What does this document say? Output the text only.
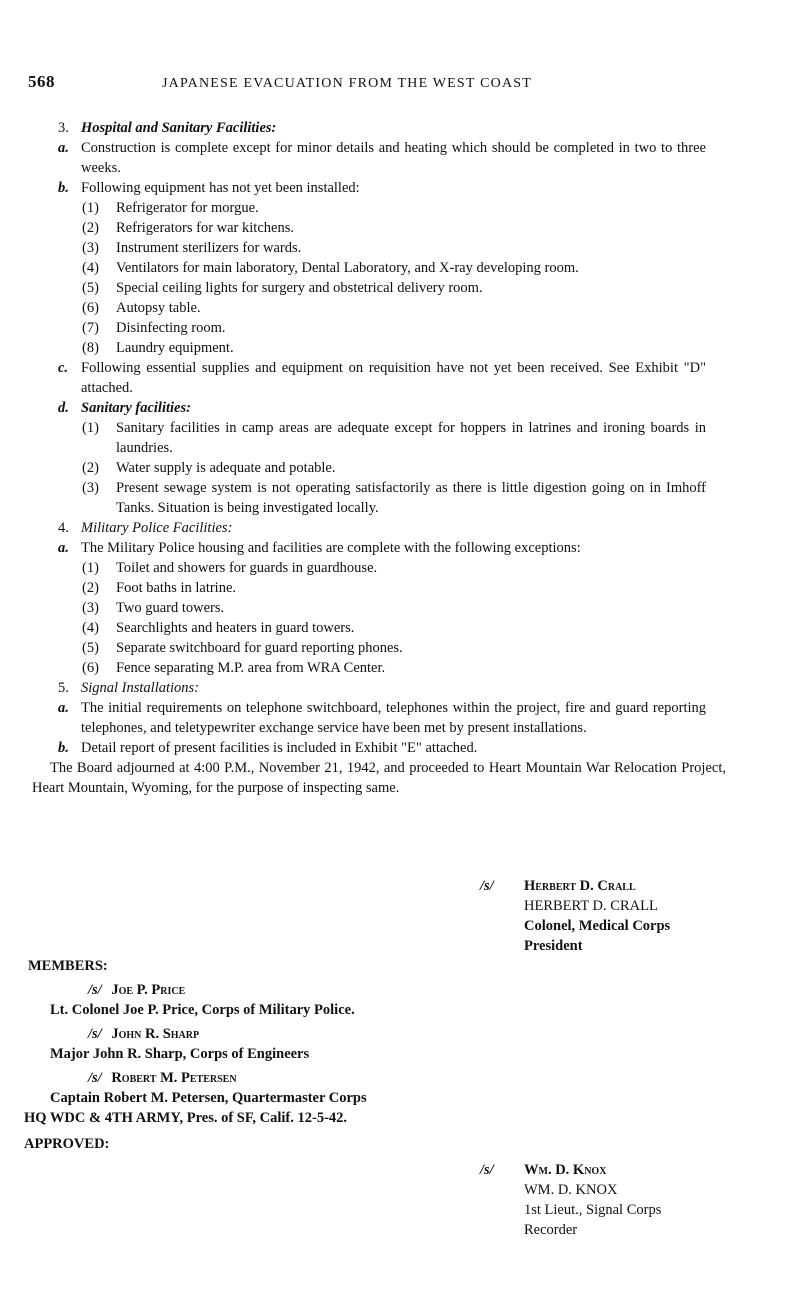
568	JAPANESE EVACUATION FROM THE WEST COAST
3. Hospital and Sanitary Facilities:
a. Construction is complete except for minor details and heating which should be completed in two to three weeks.
b. Following equipment has not yet been installed:
(1) Refrigerator for morgue.
(2) Refrigerators for war kitchens.
(3) Instrument sterilizers for wards.
(4) Ventilators for main laboratory, Dental Laboratory, and X-ray developing room.
(5) Special ceiling lights for surgery and obstetrical delivery room.
(6) Autopsy table.
(7) Disinfecting room.
(8) Laundry equipment.
c. Following essential supplies and equipment on requisition have not yet been received. See Exhibit "D" attached.
d. Sanitary facilities:
(1) Sanitary facilities in camp areas are adequate except for hoppers in latrines and ironing boards in laundries.
(2) Water supply is adequate and potable.
(3) Present sewage system is not operating satisfactorily as there is little digestion going on in Imhoff Tanks. Situation is being investigated locally.
4. Military Police Facilities:
a. The Military Police housing and facilities are complete with the following exceptions:
(1) Toilet and showers for guards in guardhouse.
(2) Foot baths in latrine.
(3) Two guard towers.
(4) Searchlights and heaters in guard towers.
(5) Separate switchboard for guard reporting phones.
(6) Fence separating M.P. area from WRA Center.
5. Signal Installations:
a. The initial requirements on telephone switchboard, telephones within the project, fire and guard reporting telephones, and teletypewriter exchange service have been met by present installations.
b. Detail report of present facilities is included in Exhibit "E" attached.
The Board adjourned at 4:00 P.M., November 21, 1942, and proceeded to Heart Mountain War Relocation Project, Heart Mountain, Wyoming, for the purpose of inspecting same.
/s/ Herbert D. Crall
HERBERT D. CRALL
Colonel, Medical Corps
President
MEMBERS:
/s/ Joe P. Price
Lt. Colonel Joe P. Price, Corps of Military Police.
/s/ John R. Sharp
Major John R. Sharp, Corps of Engineers
/s/ Robert M. Petersen
Captain Robert M. Petersen, Quartermaster Corps
HQ WDC & 4TH ARMY, Pres. of SF, Calif. 12-5-42.
APPROVED:
/s/ Wm. D. Knox
WM. D. KNOX
1st Lieut., Signal Corps
Recorder
